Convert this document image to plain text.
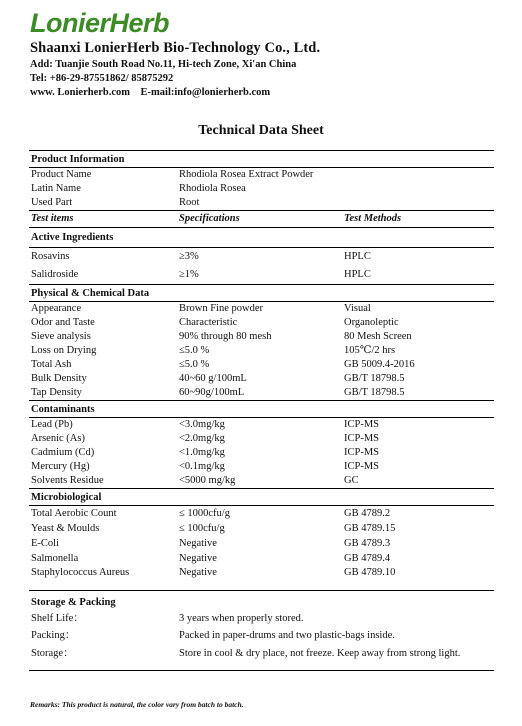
LonierHerb
Shaanxi LonierHerb Bio-Technology Co., Ltd.
Add: Tuanjie South Road No.11, Hi-tech Zone, Xi'an China
Tel: +86-29-87551862/ 85875292
www. Lonierherb.com    E-mail:info@lonierherb.com
Technical Data Sheet
Product Information
Product Name	Rhodiola Rosea Extract Powder
Latin Name	Rhodiola Rosea
Used Part	Root
Test items	Specifications	Test Methods
Active Ingredients
Rosavins	≥3%	HPLC
Salidroside	≥1%	HPLC
Physical & Chemical Data
Appearance	Brown Fine powder	Visual
Odor and Taste	Characteristic	Organoleptic
Sieve analysis	90% through 80 mesh	80 Mesh Screen
Loss on Drying	≤5.0 %	105℃/2 hrs
Total Ash	≤5.0 %	GB 5009.4-2016
Bulk Density	40~60 g/100mL	GB/T 18798.5
Tap Density	60~90g/100mL	GB/T 18798.5
Contaminants
Lead (Pb)	<3.0mg/kg	ICP-MS
Arsenic (As)	<2.0mg/kg	ICP-MS
Cadmium (Cd)	<1.0mg/kg	ICP-MS
Mercury (Hg)	<0.1mg/kg	ICP-MS
Solvents Residue	<5000 mg/kg	GC
Microbiological
Total Aerobic Count	≤ 1000cfu/g	GB 4789.2
Yeast & Moulds	≤ 100cfu/g	GB 4789.15
E-Coli	Negative	GB 4789.3
Salmonella	Negative	GB 4789.4
Staphylococcus Aureus	Negative	GB 4789.10
Storage & Packing
Shelf Life：	3 years when properly stored.
Packing：	Packed in paper-drums and two plastic-bags inside.
Storage：	Store in cool & dry place, not freeze. Keep away from strong light.
Remarks: This product is natural, the color vary from batch to batch.
